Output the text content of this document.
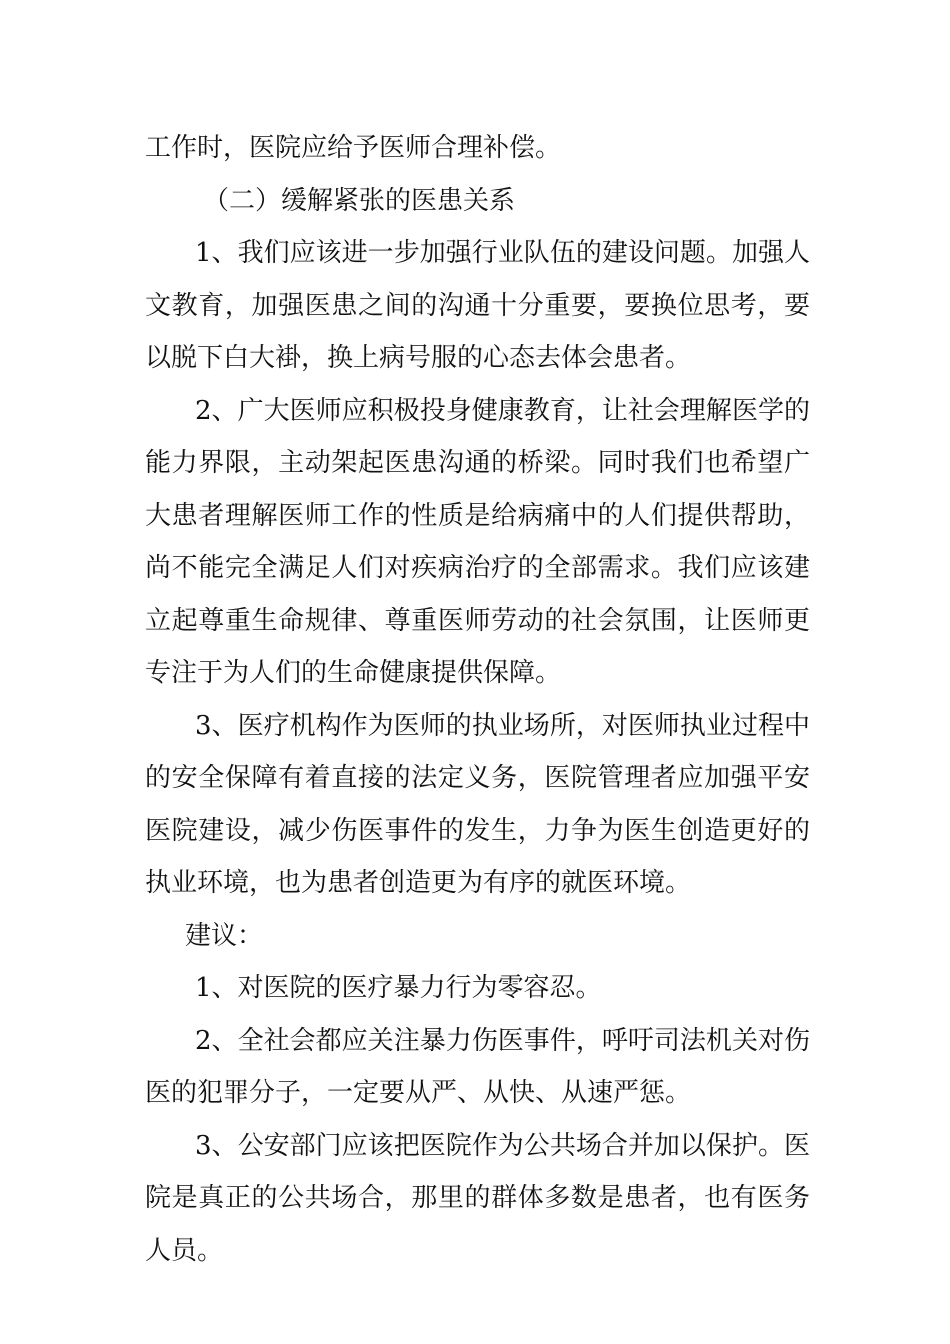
工作时，医院应给予医师合理补偿。

（二）缓解紧张的医患关系

1、我们应该进一步加强行业队伍的建设问题。加强人文教育，加强医患之间的沟通十分重要，要换位思考，要以脱下白大褂，换上病号服的心态去体会患者。

2、广大医师应积极投身健康教育，让社会理解医学的能力界限，主动架起医患沟通的桥梁。同时我们也希望广大患者理解医师工作的性质是给病痛中的人们提供帮助，尚不能完全满足人们对疾病治疗的全部需求。我们应该建立起尊重生命规律、尊重医师劳动的社会氛围，让医师更专注于为人们的生命健康提供保障。

3、医疗机构作为医师的执业场所，对医师执业过程中的安全保障有着直接的法定义务，医院管理者应加强平安医院建设，减少伤医事件的发生，力争为医生创造更好的执业环境，也为患者创造更为有序的就医环境。

建议：

1、对医院的医疗暴力行为零容忍。

2、全社会都应关注暴力伤医事件，呼吁司法机关对伤医的犯罪分子，一定要从严、从快、从速严惩。

3、公安部门应该把医院作为公共场合并加以保护。医院是真正的公共场合，那里的群体多数是患者，也有医务人员。
